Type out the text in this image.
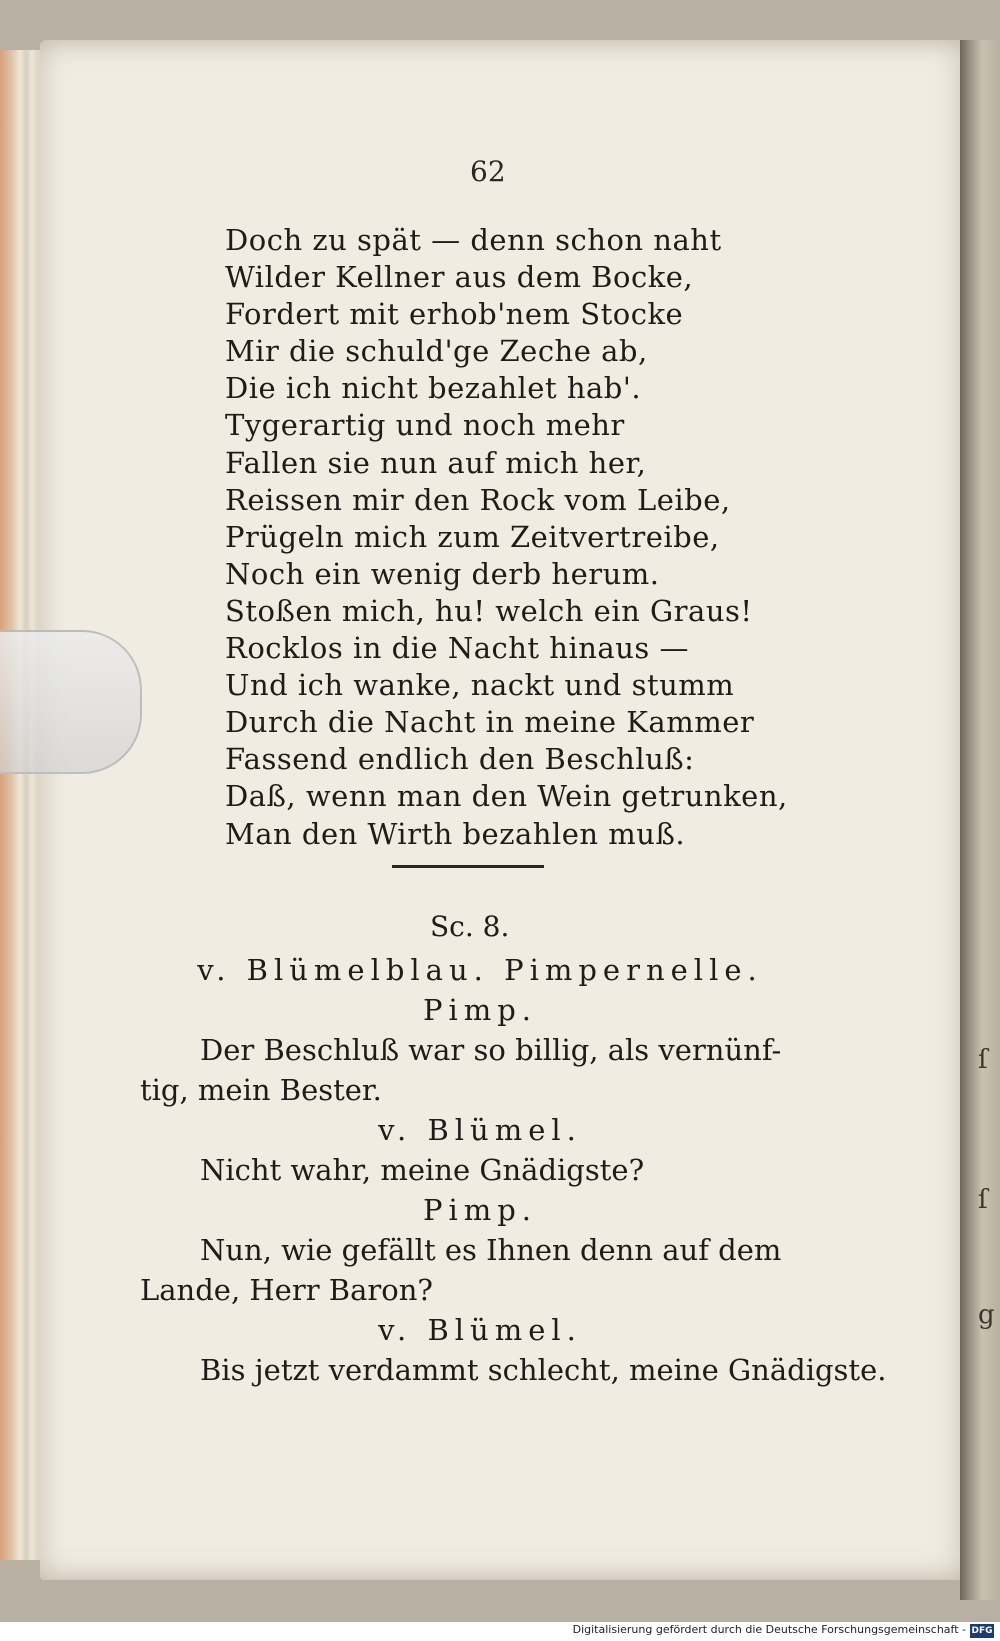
ſ
ſ
g
62
Doch zu spät — denn schon naht
Wilder Kellner aus dem Bocke,
Fordert mit erhob'nem Stocke
Mir die schuld'ge Zeche ab,
Die ich nicht bezahlet hab'.
Tygerartig und noch mehr
Fallen sie nun auf mich her,
Reissen mir den Rock vom Leibe,
Prügeln mich zum Zeitvertreibe,
Noch ein wenig derb herum.
Stoßen mich, hu! welch ein Graus!
Rocklos in die Nacht hinaus —
Und ich wanke, nackt und stumm
Durch die Nacht in meine Kammer
Fassend endlich den Beschluß:
Daß, wenn man den Wein getrunken,
Man den Wirth bezahlen muß.
Sc. 8.
v. Blümelblau. Pimpernelle.
Pimp.
Der Beschluß war so billig, als vernünf-
tig, mein Bester.
v. Blümel.
Nicht wahr, meine Gnädigste?
Pimp.
Nun, wie gefällt es Ihnen denn auf dem
Lande, Herr Baron?
v. Blümel.
Bis jetzt verdammt schlecht, meine Gnädigste.
Digitalisierung gefördert durch die Deutsche Forschungsgemeinschaft - DFG
